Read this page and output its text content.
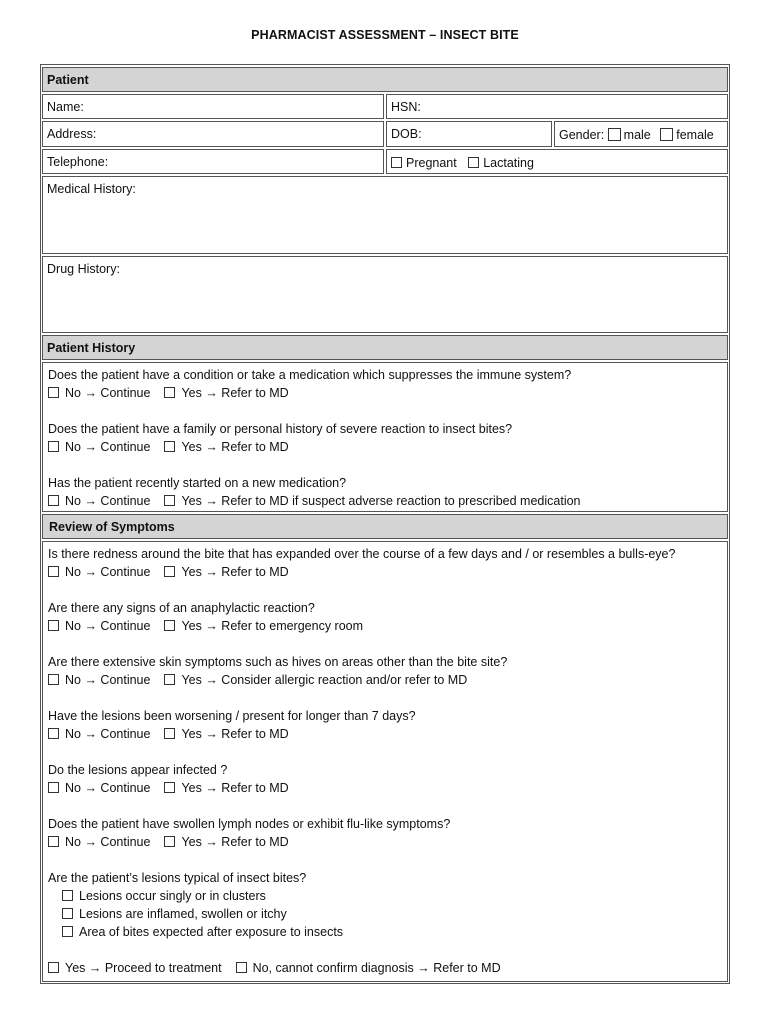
PHARMACIST ASSESSMENT – INSECT BITE
Patient
Name:	HSN:
Address:	DOB:	Gender: male female
Telephone:	Pregnant Lactating
Medical History:
Drug History:
Patient History
Does the patient have a condition or take a medication which suppresses the immune system?
No → Continue Yes → Refer to MD
Does the patient have a family or personal history of severe reaction to insect bites?
No → Continue Yes → Refer to MD
Has the patient recently started on a new medication?
No → Continue Yes → Refer to MD if suspect adverse reaction to prescribed medication
Review of Symptoms
Is there redness around the bite that has expanded over the course of a few days and / or resembles a bulls-eye?
No → Continue Yes → Refer to MD
Are there any signs of an anaphylactic reaction?
No → Continue Yes → Refer to emergency room
Are there extensive skin symptoms such as hives on areas other than the bite site?
No → Continue Yes → Consider allergic reaction and/or refer to MD
Have the lesions been worsening / present for longer than 7 days?
No → Continue Yes → Refer to MD
Do the lesions appear infected ?
No → Continue Yes → Refer to MD
Does the patient have swollen lymph nodes or exhibit flu-like symptoms?
No → Continue Yes → Refer to MD
Are the patient’s lesions typical of insect bites?
Lesions occur singly or in clusters
Lesions are inflamed, swollen or itchy
Area of bites expected after exposure to insects
Yes → Proceed to treatment No, cannot confirm diagnosis → Refer to MD
